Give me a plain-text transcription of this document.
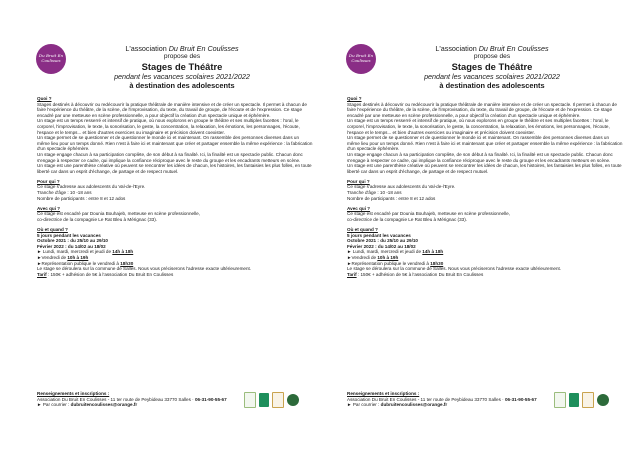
Du Bruit En Coulisses
L'association Du Bruit En Coulisses
propose des
Stages de Théâtre
pendant les vacances scolaires 2021/2022
à destination des adolescents
Quoi ?

Stages destinés à découvrir ou redécouvrir la pratique théâtrale de manière intensive et de créer un spectacle. Il permet à chacun de faire l'expérience du théâtre, de la scène, de l'improvisation, du texte, du travail de groupe, de l'écoute et de l'expression. Ce stage encadré par une metteuse en scène professionnelle, a pour objectif la création d'un spectacle unique et éphémère.

Un stage est un temps resserré et intensif de pratique, où nous explorons en groupe le théâtre et ses multiples facettes : l'oral, le corporel, l'improvisation, le texte, la sonorisation, le geste, la concentration, la relaxation, les émotions, les personnages, l'écoute, l'espace et le temps... et bien d'autres exercices ou imaginaire et précision doivent coexister.

Un stage permet de se questionner et de questionner le monde ici et maintenant. On rassemble des personnes diverses dans un même lieu pour un temps donné. Rien n'est à faire ici et maintenant que créer et partager ensemble la même expérience : la fabrication d'un spectacle éphémère.

Un stage engage chacun à sa participation complète, de son début à sa finalité. Ici, la finalité est un spectacle public. Chacun donc s'engage à respecter ce cadre, qui implique la confiance réciproque avec le reste du groupe et les encadrants metteurs en scène.

Un stage est une parenthèse créative où peuvent se rencontrer les idées de chacun, les histoires, les fantaisies les plus folles, en toute liberté car dans un esprit d'échange, de partage et de respect mutuel.

Pour qui ?

Ce stage s'adresse aux adolescents du Val-de-l'Eyre.

Tranche d'âge : 10 -18 ans

Nombre de participants : entre 8 et 12 ados

Avec qui ?

Ce stage est encadré par Dounia Bouhajeb, metteuse en scène professionnelle,

co-directrice de la compagnie Le Rat Bleu à Mérignac (33).

Où et quand ?

5 jours pendant les vacances

Octobre 2021 : du 25/10 au 29/10

Février 2022 : du 14/02 au 18/02

► Lundi, mardi, mercredi et jeudi de 14h à 18h

►Vendredi de 10h à 19h

►Représentation publique le vendredi à 18h30

Le stage se déroulera sur la commune de Salles. Nous vous préciserons l'adresse exacte ultérieurement.

Tarif : 150€ + adhésion de 5€ à l'association Du Bruit En Coulisses

Renseignements et inscriptions :

Association Du Bruit En Coulisses - 11 ter route de Peybideau 33770 Salles · 06-31-90-55-67

► Par courrier : dubruitencoulisses@orange.fr

Du Bruit En Coulisses
L'association Du Bruit En Coulisses
propose des
Stages de Théâtre
pendant les vacances scolaires 2021/2022
à destination des adolescents
Quoi ?

Stages destinés à découvrir ou redécouvrir la pratique théâtrale de manière intensive et de créer un spectacle. Il permet à chacun de faire l'expérience du théâtre, de la scène, de l'improvisation, du texte, du travail de groupe, de l'écoute et de l'expression. Ce stage encadré par une metteuse en scène professionnelle, a pour objectif la création d'un spectacle unique et éphémère.

Un stage est un temps resserré et intensif de pratique, où nous explorons en groupe le théâtre et ses multiples facettes : l'oral, le corporel, l'improvisation, le texte, la sonorisation, le geste, la concentration, la relaxation, les émotions, les personnages, l'écoute, l'espace et le temps... et bien d'autres exercices ou imaginaire et précision doivent coexister.

Un stage permet de se questionner et de questionner le monde ici et maintenant. On rassemble des personnes diverses dans un même lieu pour un temps donné. Rien n'est à faire ici et maintenant que créer et partager ensemble la même expérience : la fabrication d'un spectacle éphémère.

Un stage engage chacun à sa participation complète, de son début à sa finalité. Ici, la finalité est un spectacle public. Chacun donc s'engage à respecter ce cadre, qui implique la confiance réciproque avec le reste du groupe et les encadrants metteurs en scène.

Un stage est une parenthèse créative où peuvent se rencontrer les idées de chacun, les histoires, les fantaisies les plus folles, en toute liberté car dans un esprit d'échange, de partage et de respect mutuel.

Pour qui ?

Ce stage s'adresse aux adolescents du Val-de-l'Eyre.

Tranche d'âge : 10 -18 ans

Nombre de participants : entre 8 et 12 ados

Avec qui ?

Ce stage est encadré par Dounia Bouhajeb, metteuse en scène professionnelle,

co-directrice de la compagnie Le Rat Bleu à Mérignac (33).

Où et quand ?

5 jours pendant les vacances

Octobre 2021 : du 25/10 au 29/10

Février 2022 : du 14/02 au 18/02

► Lundi, mardi, mercredi et jeudi de 14h à 18h

►Vendredi de 10h à 19h

►Représentation publique le vendredi à 18h30

Le stage se déroulera sur la commune de Salles. Nous vous préciserons l'adresse exacte ultérieurement.

Tarif : 150€ + adhésion de 5€ à l'association Du Bruit En Coulisses

Renseignements et inscriptions :

Association Du Bruit En Coulisses - 11 ter route de Peybideau 33770 Salles · 06-31-90-55-67

► Par courrier : dubruitencoulisses@orange.fr
